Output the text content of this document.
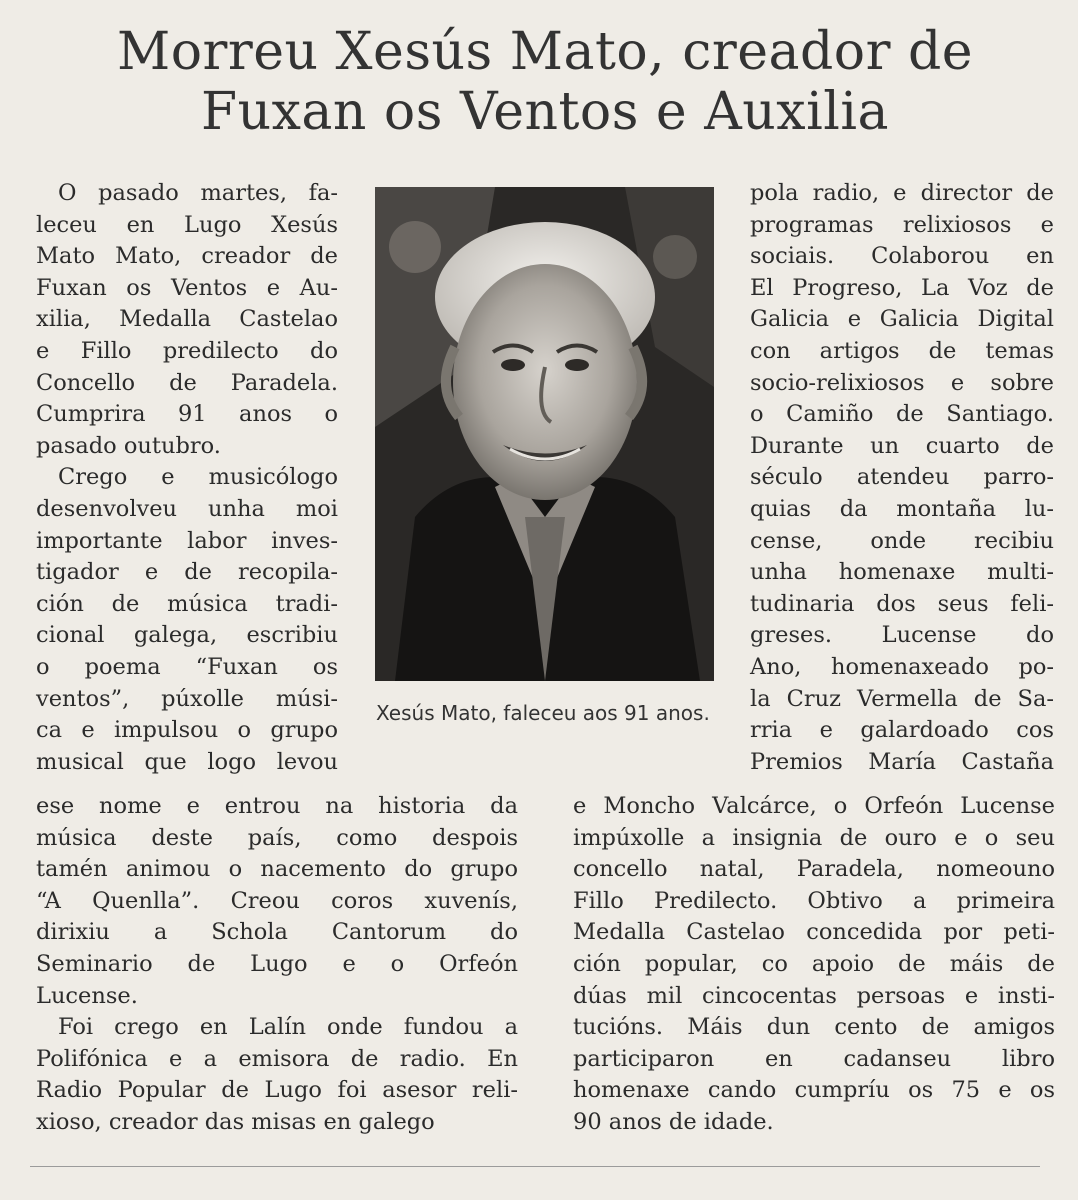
Morreu Xesús Mato, creador de
Fuxan os Ventos e Auxilia
O pasado martes, fa-
leceu en Lugo Xesús
Mato Mato, creador de
Fuxan os Ventos e Au-
xilia, Medalla Castelao
e Fillo predilecto do
Concello de Paradela.
Cumprira 91 anos o
pasado outubro.
Crego e musicólogo
desenvolveu unha moi
importante labor inves-
tigador e de recopila-
ción de música tradi-
cional galega, escribiu
o poema “Fuxan os
ventos”, púxolle músi-
ca e impulsou o grupo
musical que logo levou
Xesús Mato, faleceu aos 91 anos.
pola radio, e director de
programas relixiosos e
sociais. Colaborou en
El Progreso, La Voz de
Galicia e Galicia Digital
con artigos de temas
socio-relixiosos e sobre
o Camiño de Santiago.
Durante un cuarto de
século atendeu parro-
quias da montaña lu-
cense, onde recibiu
unha homenaxe multi-
tudinaria dos seus feli-
greses. Lucense do
Ano, homenaxeado po-
la Cruz Vermella de Sa-
rria e galardoado cos
Premios María Castaña
ese nome e entrou na historia da
música deste país, como despois
tamén animou o nacemento do grupo
“A Quenlla”. Creou coros xuvenís,
dirixiu a Schola Cantorum do
Seminario de Lugo e o Orfeón
Lucense.
Foi crego en Lalín onde fundou a
Polifónica e a emisora de radio. En
Radio Popular de Lugo foi asesor reli-
xioso, creador das misas en galego
e Moncho Valcárce, o Orfeón Lucense
impúxolle a insignia de ouro e o seu
concello natal, Paradela, nomeouno
Fillo Predilecto. Obtivo a primeira
Medalla Castelao concedida por peti-
ción popular, co apoio de máis de
dúas mil cincocentas persoas e insti-
tucións. Máis dun cento de amigos
participaron en cadanseu libro
homenaxe cando cumpríu os 75 e os
90 anos de idade.
